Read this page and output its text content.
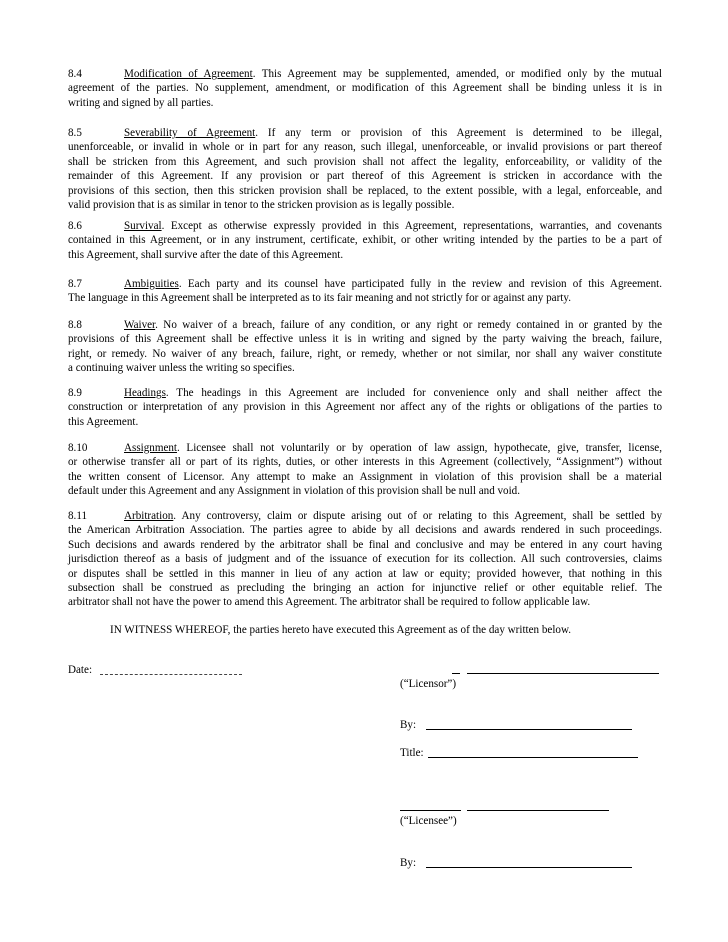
8.4	Modification of Agreement. This Agreement may be supplemented, amended, or modified only by the mutual
agreement of the parties. No supplement, amendment, or modification of this Agreement shall be binding unless it is in
writing and signed by all parties.
8.5	Severability of Agreement. If any term or provision of this Agreement is determined to be illegal,
unenforceable, or invalid in whole or in part for any reason, such illegal, unenforceable, or invalid provisions or part thereof
shall be stricken from this Agreement, and such provision shall not affect the legality, enforceability, or validity of the
remainder of this Agreement. If any provision or part thereof of this Agreement is stricken in accordance with the
provisions of this section, then this stricken provision shall be replaced, to the extent possible, with a legal, enforceable, and
valid provision that is as similar in tenor to the stricken provision as is legally possible.
8.6	Survival. Except as otherwise expressly provided in this Agreement, representations, warranties, and covenants
contained in this Agreement, or in any instrument, certificate, exhibit, or other writing intended by the parties to be a part of
this Agreement, shall survive after the date of this Agreement.
8.7	Ambiguities. Each party and its counsel have participated fully in the review and revision of this Agreement.
The language in this Agreement shall be interpreted as to its fair meaning and not strictly for or against any party.
8.8	Waiver. No waiver of a breach, failure of any condition, or any right or remedy contained in or granted by the
provisions of this Agreement shall be effective unless it is in writing and signed by the party waiving the breach, failure,
right, or remedy. No waiver of any breach, failure, right, or remedy, whether or not similar, nor shall any waiver constitute
a continuing waiver unless the writing so specifies.
8.9	Headings. The headings in this Agreement are included for convenience only and shall neither affect the
construction or interpretation of any provision in this Agreement nor affect any of the rights or obligations of the parties to
this Agreement.
8.10	Assignment. Licensee shall not voluntarily or by operation of law assign, hypothecate, give, transfer, license,
or otherwise transfer all or part of its rights, duties, or other interests in this Agreement (collectively, “Assignment”) without
the written consent of Licensor. Any attempt to make an Assignment in violation of this provision shall be a material
default under this Agreement and any Assignment in violation of this provision shall be null and void.
8.11	Arbitration. Any controversy, claim or dispute arising out of or relating to this Agreement, shall be settled by
the American Arbitration Association. The parties agree to abide by all decisions and awards rendered in such proceedings.
Such decisions and awards rendered by the arbitrator shall be final and conclusive and may be entered in any court having
jurisdiction thereof as a basis of judgment and of the issuance of execution for its collection. All such controversies, claims
or disputes shall be settled in this manner in lieu of any action at law or equity; provided however, that nothing in this
subsection shall be construed as precluding the bringing an action for injunctive relief or other equitable relief. The
arbitrator shall not have the power to amend this Agreement. The arbitrator shall be required to follow applicable law.
IN WITNESS WHEREOF, the parties hereto have executed this Agreement as of the day written below.
Date:
(“Licensor”)
By:
Title:
(“Licensee”)
By:
